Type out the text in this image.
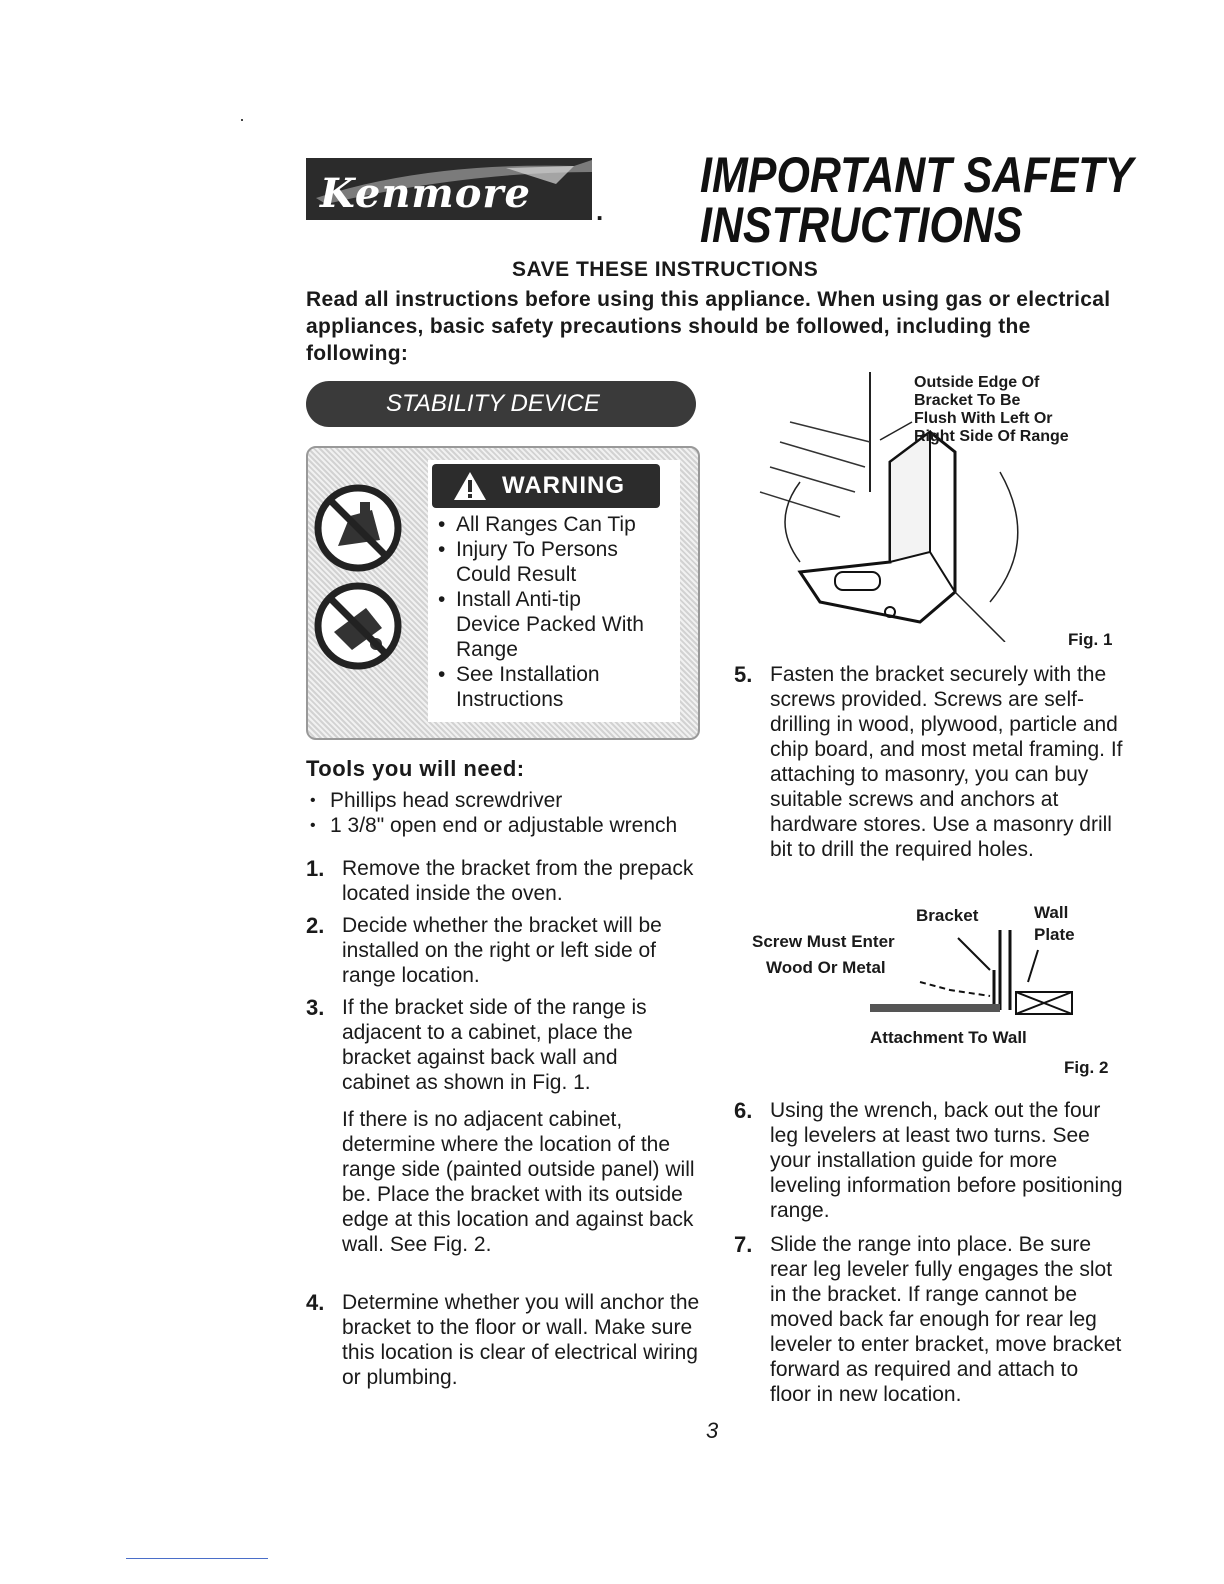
Kenmore	.
IMPORTANT SAFETY
INSTRUCTIONS
SAVE THESE INSTRUCTIONS
Read all instructions before using this appliance. When using gas or electrical appliances, basic safety precautions should be followed, including the following:
STABILITY DEVICE
WARNING
• All Ranges Can Tip
• Injury To Persons
Could Result
• Install Anti-tip
Device Packed With
Range
• See Installation
Instructions
Tools you will need:
• Phillips head screwdriver
• 1 3/8" open end or adjustable wrench
1. Remove the bracket from the prepack located inside the oven.
2. Decide whether the bracket will be installed on the right or left side of range location.
3. If the bracket side of the range is adjacent to a cabinet, place the bracket against back wall and cabinet as shown in Fig. 1.
If there is no adjacent cabinet, determine where the location of the range side (painted outside panel) will be. Place the bracket with its outside edge at this location and against back wall. See Fig. 2.
4. Determine whether you will anchor the bracket to the floor or wall. Make sure this location is clear of electrical wiring or plumbing.
Outside Edge Of
Bracket To Be
Flush With Left Or
Right Side Of Range
Fig. 1
5. Fasten the bracket securely with the screws provided. Screws are self-drilling in wood, plywood, particle and chip board, and most metal framing. If attaching to masonry, you can buy suitable screws and anchors at hardware stores. Use a masonry drill bit to drill the required holes.
Bracket	Wall Plate
Screw Must Enter
Wood Or Metal
Attachment To Wall
Fig. 2
6. Using the wrench, back out the four leg levelers at least two turns. See your installation guide for more leveling information before positioning range.
7. Slide the range into place. Be sure rear leg leveler fully engages the slot in the bracket. If range cannot be moved back far enough for rear leg leveler to enter bracket, move bracket forward as required and attach to floor in new location.
3
